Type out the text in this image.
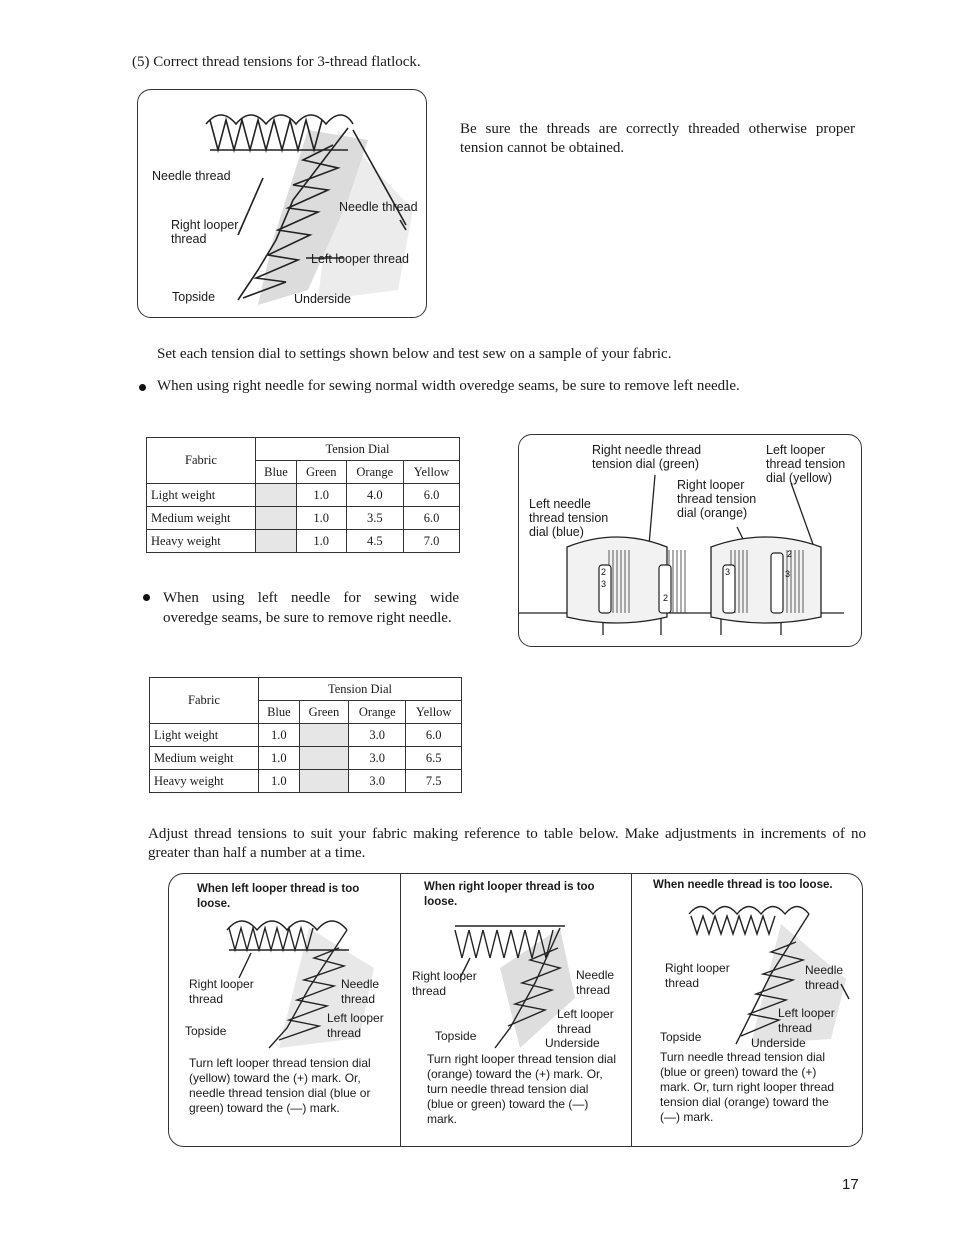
(5) Correct thread tensions for 3-thread flatlock.
Needle thread
Needle thread
Right looper
thread
Left looper thread
Topside	Underside
Be sure the threads are correctly threaded otherwise proper tension cannot be obtained.
Set each tension dial to settings shown below and test sew on a sample of your fabric.
When using right needle for sewing normal width overedge seams, be sure to remove left needle.
Fabric	Tension Dial			
	Blue	Green	Orange	Yellow
Light weight		1.0	4.0	6.0
Medium weight		1.0	3.5	6.0
Heavy weight		1.0	4.5	7.0
Right needle thread tension dial (green)
Left looper thread tension dial (yellow)
Right looper thread tension dial (orange)
Left needle thread tension dial (blue)
2
3
3
2
2
3
When using left needle for sewing wide overedge seams, be sure to remove right needle.
Fabric	Tension Dial			
	Blue	Green	Orange	Yellow
Light weight	1.0		3.0	6.0
Medium weight	1.0		3.0	6.5
Heavy weight	1.0		3.0	7.5
Adjust thread tensions to suit your fabric making reference to table below. Make adjustments in increments of no greater than half a number at a time.
When left looper thread is too loose.
Right looper thread
Needle thread
Left looper thread
Topside
Turn left looper thread tension dial (yellow) toward the (+) mark. Or, needle thread tension dial (blue or green) toward the (—) mark.
When right looper thread is too loose.
Right looper thread
Needle thread
Left looper thread
Topside	Underside
Turn right looper thread tension dial (orange) toward the (+) mark. Or, turn needle thread tension dial (blue or green) toward the (—) mark.
When needle thread is too loose.
Right looper thread
Needle thread
Left looper thread
Topside	Underside
Turn needle thread tension dial (blue or green) toward the (+) mark. Or, turn right looper thread tension dial (orange) toward the (—) mark.
17
